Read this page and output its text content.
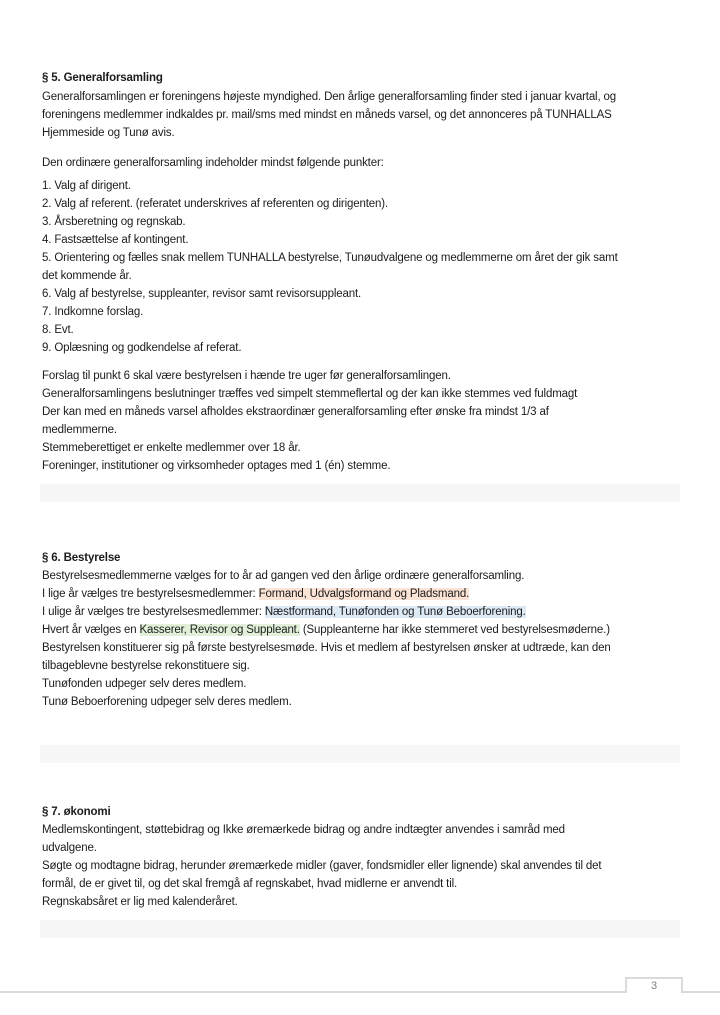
§ 5. Generalforsamling
Generalforsamlingen er foreningens højeste myndighed. Den årlige generalforsamling finder sted i januar kvartal, og
foreningens medlemmer indkaldes pr. mail/sms med mindst en måneds varsel, og det annonceres på TUNHALLAS
Hjemmeside og Tunø avis.
Den ordinære generalforsamling indeholder mindst følgende punkter:
1. Valg af dirigent.
2. Valg af referent. (referatet underskrives af referenten og dirigenten).
3. Årsberetning og regnskab.
4. Fastsættelse af kontingent.
5. Orientering og fælles snak mellem TUNHALLA bestyrelse, Tunøudvalgene og medlemmerne om året der gik samt
det kommende år.
6. Valg af bestyrelse, suppleanter, revisor samt revisorsuppleant.
7. Indkomne forslag.
8. Evt.
9. Oplæsning og godkendelse af referat.
Forslag til punkt 6 skal være bestyrelsen i hænde tre uger før generalforsamlingen.
Generalforsamlingens beslutninger træffes ved simpelt stemmeflertal og der kan ikke stemmes ved fuldmagt
Der kan med en måneds varsel afholdes ekstraordinær generalforsamling efter ønske fra mindst 1/3 af
medlemmerne.
Stemmeberettiget er enkelte medlemmer over 18 år.
Foreninger, institutioner og virksomheder optages med 1 (én) stemme.
§ 6. Bestyrelse
Bestyrelsesmedlemmerne vælges for to år ad gangen ved den årlige ordinære generalforsamling.
I lige år vælges tre bestyrelsesmedlemmer: Formand, Udvalgsformand og Pladsmand.
I ulige år vælges tre bestyrelsesmedlemmer: Næstformand, Tunøfonden og Tunø Beboerforening.
Hvert år vælges en Kasserer, Revisor og Suppleant. (Suppleanterne har ikke stemmeret ved bestyrelsesmøderne.)
Bestyrelsen konstituerer sig på første bestyrelsesmøde. Hvis et medlem af bestyrelsen ønsker at udtræde, kan den
tilbageblevne bestyrelse rekonstituere sig.
Tunøfonden udpeger selv deres medlem.
Tunø Beboerforening udpeger selv deres medlem.
§ 7. økonomi
Medlemskontingent, støttebidrag og Ikke øremærkede bidrag og andre indtægter anvendes i samråd med
udvalgene.
Søgte og modtagne bidrag, herunder øremærkede midler (gaver, fondsmidler eller lignende) skal anvendes til det
formål, de er givet til, og det skal fremgå af regnskabet, hvad midlerne er anvendt til.
Regnskabsåret er lig med kalenderåret.
3
